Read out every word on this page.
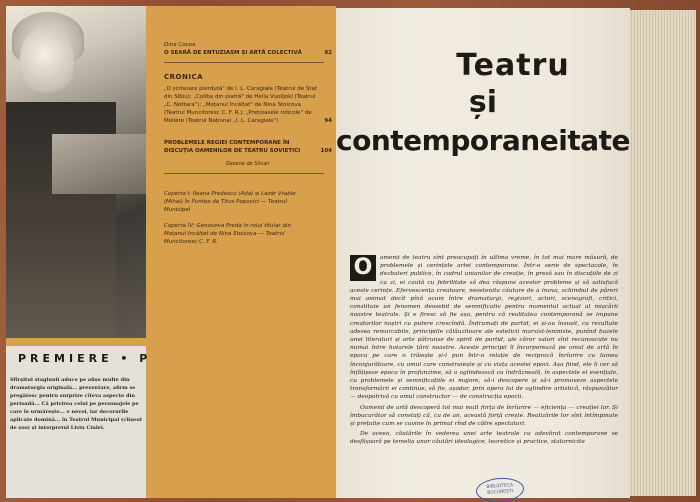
PREMIERE • P
Sfîrșitul stagiunii aduce pe afișe multe din dramaturgia originală... prezentare, afirm se pregătesc pentru surprize cîteva aspecte din perioadă... Că privirea celui pe personajele pe care le urmărește... e nevoi, iar decorurile aplicate domină... în Teatrul Municipal (clișeul de sus) și interpretul Liviu Ciulei.
Dina Cocea
O SEARĂ DE ENTUZIASM ȘI ARTĂ COLECTIVĂ	92
CRONICA
„O scrisoare pierdută" de I. L. Caragiale (Teatrul de Stat din Sibiu); „Coliba din piatră" de Hella Vuolijoki (Teatrul „C. Nottara"); „Moțanul încălțat" de Nina Stoicova (Teatrul Muncitoresc C. F. R.); „Prețioasele ridicole" de Molière (Teatrul Național „I. L. Caragiale")	94
PROBLEMELE REGIEI CONTEMPORANE ÎN DISCUȚIA OAMENILOR DE TEATRU SOVIETICI	104
Desene de Silvan
Coperta I: Ileana Predescu (Ada) și Lazăr Vrabie (Mihai) în Puntea de Titus Popovici — Teatrul Municipal
Coperta IV: Genoveva Preda în rolul titular din Moțanul încălțat de Nina Stoicova — Teatrul Muncitoresc C. F. R.
Teatru
și
contemporaneitate

O	amenii de teatru sînt preocupați în ultima vreme, în tot mai mare măsură, de problemele și cerințele artei contemporane. Într-o serie de spectacole, în dezbateri publice, în cadrul uniunilor de creație, în presă sau în discuțiile de zi cu zi, ei caută cu febrilitate să dea răspuns acestor probleme și să satisfacă aceste cerințe. Efervescența creatoare, neostenita căutare de a inova, schimbul de păreri mai animat decît pînă acum între dramaturgi, regizori, actori, scenografi, critici, constituie un fenomen deosebit de semnificativ pentru momentul actual al mișcării noastre teatrale. Și e firesc să fie așa, pentru că realitatea contemporană se impune creatorilor noștri cu putere crescîndă. Îndrumați de partid, ei și-au însușit, cu rezultate adesea remarcabile, principiile călăuzitoare ale esteticii marxist-leniniste, punînd bazele unei literaturi și arte pătrunse de spirit de partid, ale căror valori sînt recunoscute nu numai între hotarele țării noastre. Aceste principii îl încorporează pe omul de artă în epoca pe care o trăiește și-l pun într-o relație de reciprocă înrîurire cu lumea înconjurătoare, cu omul care construiește și cu viața acestei epoci. Așa fiind, ele îi cer să înfățișeze epoca în profunzime, să o oglindească cu îndrăzneală, în aspectele ei esențiale, cu problemele și semnificațiile ei majore, să-i descopere și să-i promoveze aspectele transformării ei continue, să fie, așadar, prin opera lui de oglindire artistică, răspunzător — deopotrivă cu omul constructor — de construcția epocii.

Oamenii de artă descoperă tot mai mult forța de înrîurire — eficiența — creației lor. Și îmbucurător să constați că, cu de an, această forță crește. Realizările lor sînt întîmpinate și prețuite cum se cuvine în primul rînd de către spectatori.

De aceea, căutările în vederea unei arte teatrale cu adevărat contemporane se desfășoară pe temelia unor căutări ideologice, teoretice și practice, statornicite

BIBLIOTECA BUCUREȘTI
